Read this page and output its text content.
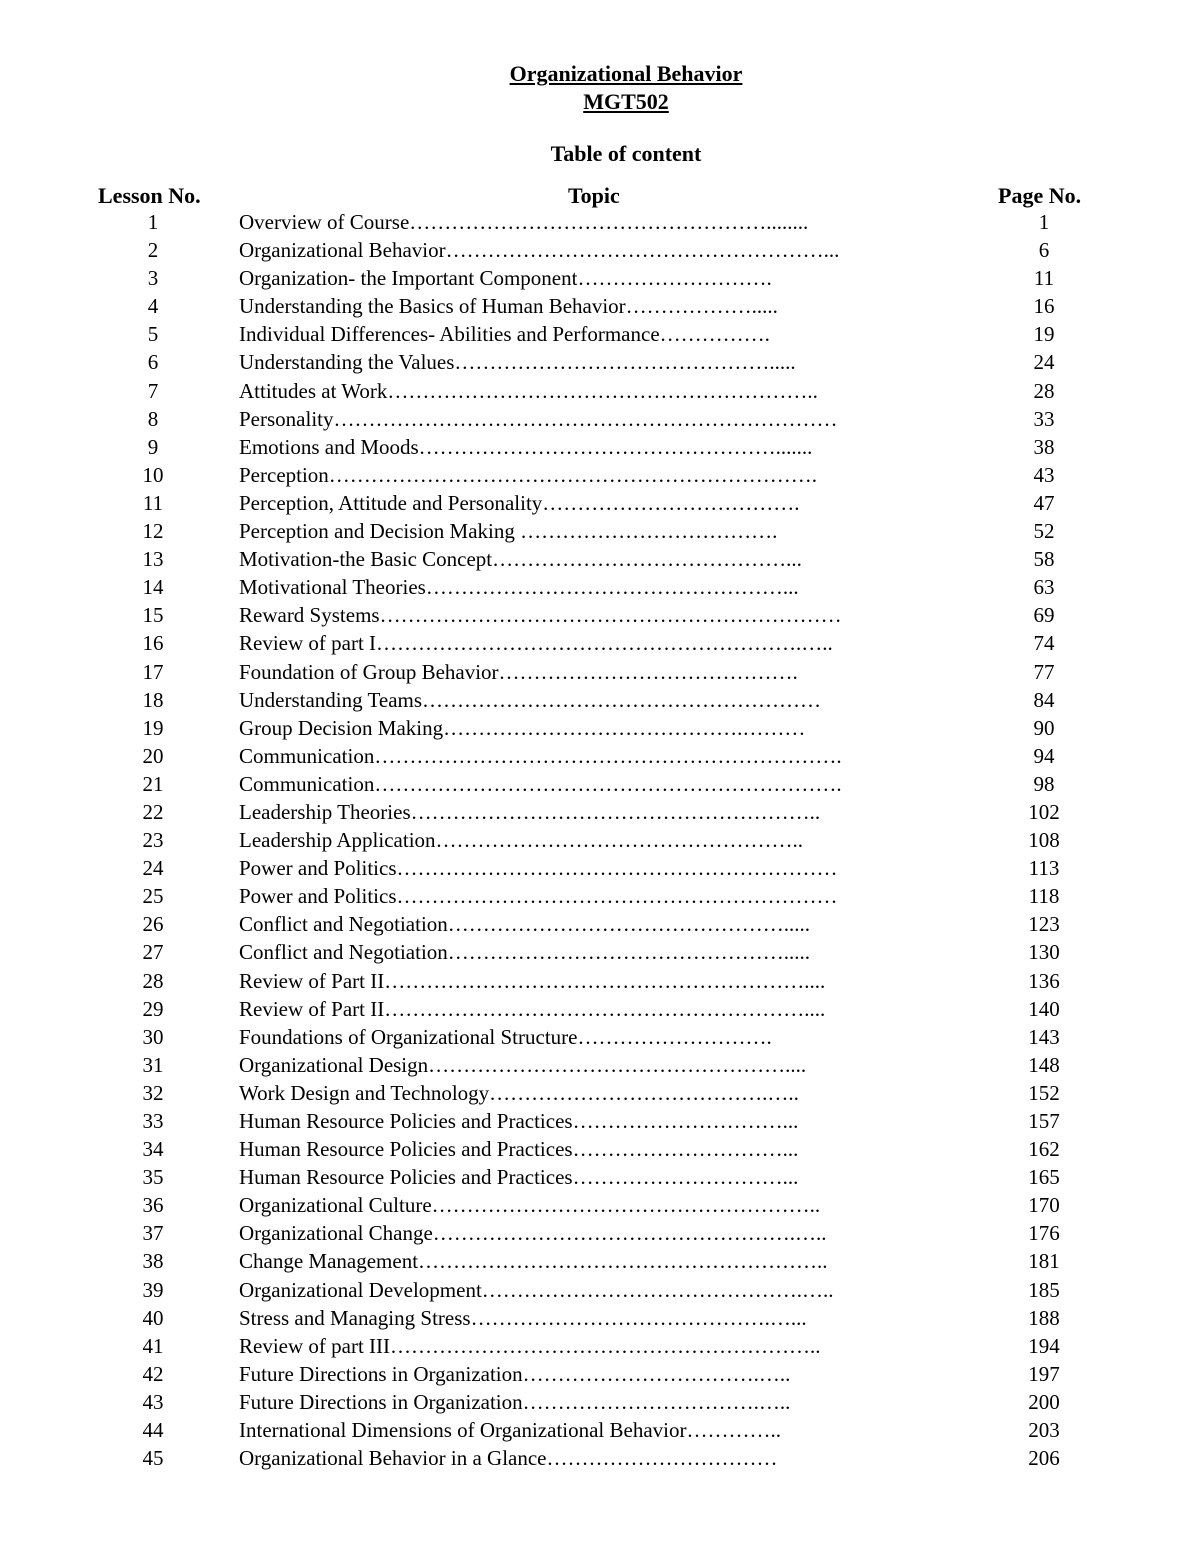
Organizational Behavior
MGT502
Table of content
Lesson No.	Topic	Page No.
1	Overview of Course……………………………………………........	1
2	Organizational Behavior………………………………………………...	6
3	Organization- the Important Component……………………….	11
4	Understanding the Basics of Human Behavior……………….....	16
5	Individual Differences- Abilities and Performance…………….	19
6	Understanding the Values……………………………………….....	24
7	Attitudes at Work……………………………………………………..	28
8	Personality………………………………………………………………	33
9	Emotions and Moods…………………………………………….......	38
10	Perception…………………………………………………………….	43
11	Perception, Attitude and Personality……………………………….	47
12	Perception and Decision Making ……………………………….	52
13	Motivation-the Basic Concept……………………………………...	58
14	Motivational Theories……………………………………………...	63
15	Reward Systems…………………………………………………………	69
16	Review of part I…………………………………………………….…..	74
17	Foundation of Group Behavior…………………………………….	77
18	Understanding Teams…………………………………………………	84
19	Group Decision Making…………………………………….………	90
20	Communication………………………………………………………….	94
21	Communication………………………………………………………….	98
22	Leadership Theories…………………………………………………..	102
23	Leadership Application……………………………………………..	108
24	Power and Politics………………………………………………………	113
25	Power and Politics………………………………………………………	118
26	Conflict and Negotiation………………………………………….....	123
27	Conflict and Negotiation………………………………………….....	130
28	Review of Part II……………………………………………………....	136
29	Review of Part II……………………………………………………....	140
30	Foundations of Organizational Structure……………………….	143
31	Organizational Design……………………………………………....	148
32	Work Design and Technology………………………………….…..	152
33	Human Resource Policies and Practices…………………………...	157
34	Human Resource Policies and Practices…………………………...	162
35	Human Resource Policies and Practices…………………………...	165
36	Organizational Culture………………………………………………..	170
37	Organizational Change…………………………………………….…..	176
38	Change Management…………………………………………………..	181
39	Organizational Development……………………………………….…..	185
40	Stress and Managing Stress…………………………………….…...	188
41	Review of part III……………………………………………………..	194
42	Future Directions in Organization…………………………….…..	197
43	Future Directions in Organization…………………………….…..	200
44	International Dimensions of Organizational Behavior…………..	203
45	Organizational Behavior in a Glance……………………………	206
